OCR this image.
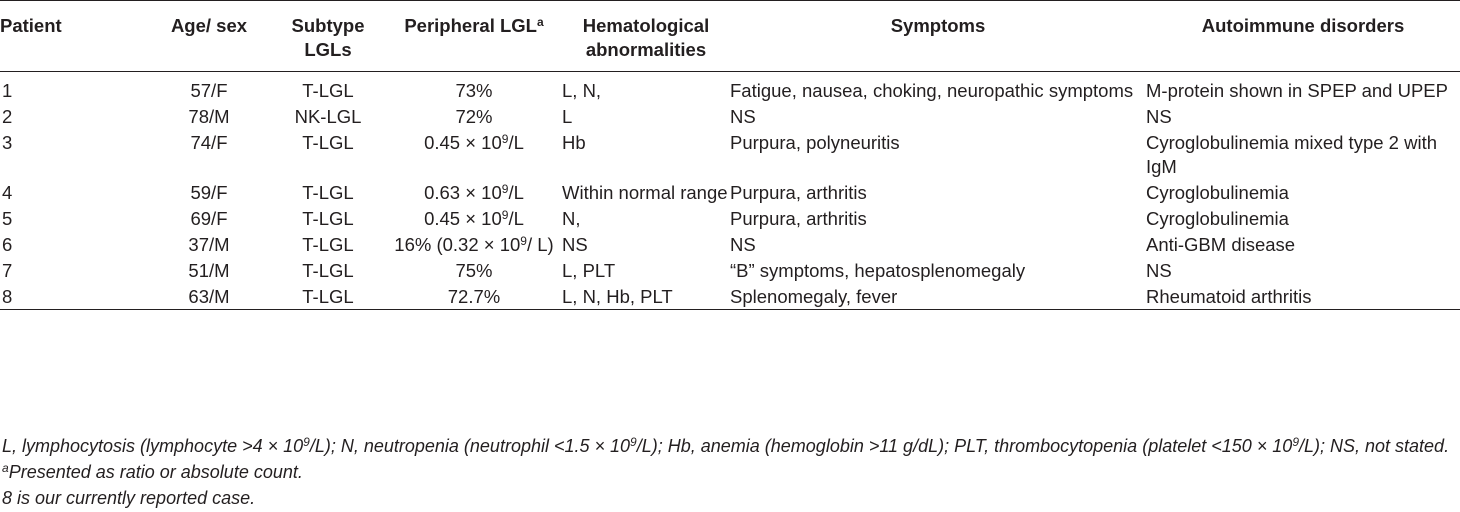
Patient	Age/ sex	Subtype LGLs	Peripheral LGL$^a$	Hematological abnormalities	Symptoms	Autoimmune disorders
1	57/F	T-LGL	73%	L, N,	Fatigue, nausea, choking, neuropathic symptoms	M-protein shown in SPEP and UPEP
2	78/M	NK-LGL	72%	L	NS	NS
3	74/F	T-LGL	$0.45 \times 10^9/L$	Hb	Purpura, polyneuritis	Cyroglobulinemia mixed type 2 with IgM
4	59/F	T-LGL	$0.63 \times 10^9/L$	Within normal range	Purpura, arthritis	Cyroglobulinemia
5	69/F	T-LGL	$0.45 \times 10^9/L$	N,	Purpura, arthritis	Cyroglobulinemia
6	37/M	T-LGL	16% ($0.32 \times 10^9/$ L)	NS	NS	Anti-GBM disease
7	51/M	T-LGL	75%	L, PLT	“B” symptoms, hepatosplenomegaly	NS
8	63/M	T-LGL	72.7%	L, N, Hb, PLT	Splenomegaly, fever	Rheumatoid arthritis
L, lymphocytosis (lymphocyte $>4 \times 10^9/L$); N, neutropenia (neutrophil $<1.5 \times 10^9/L$); Hb, anemia (hemoglobin >11 g/dL); PLT, thrombocytopenia (platelet $<150 \times 10^9/L$); NS, not stated.
$^a$Presented as ratio or absolute count.
8 is our currently reported case.
